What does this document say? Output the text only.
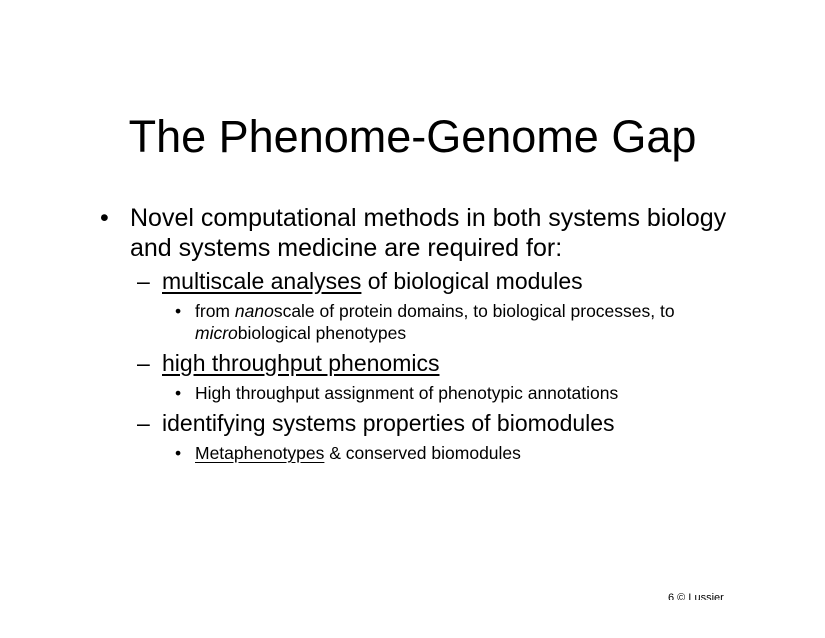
The Phenome-Genome Gap
• Novel computational methods in both systems biology and systems medicine are required for:

– multiscale analyses of biological modules

• from nanoscale of protein domains, to biological processes, to microbiological phenotypes

– high throughput phenomics

• High throughput assignment of phenotypic annotations

– identifying systems properties of biomodules

• Metaphenotypes & conserved biomodules

6 © Lussier
